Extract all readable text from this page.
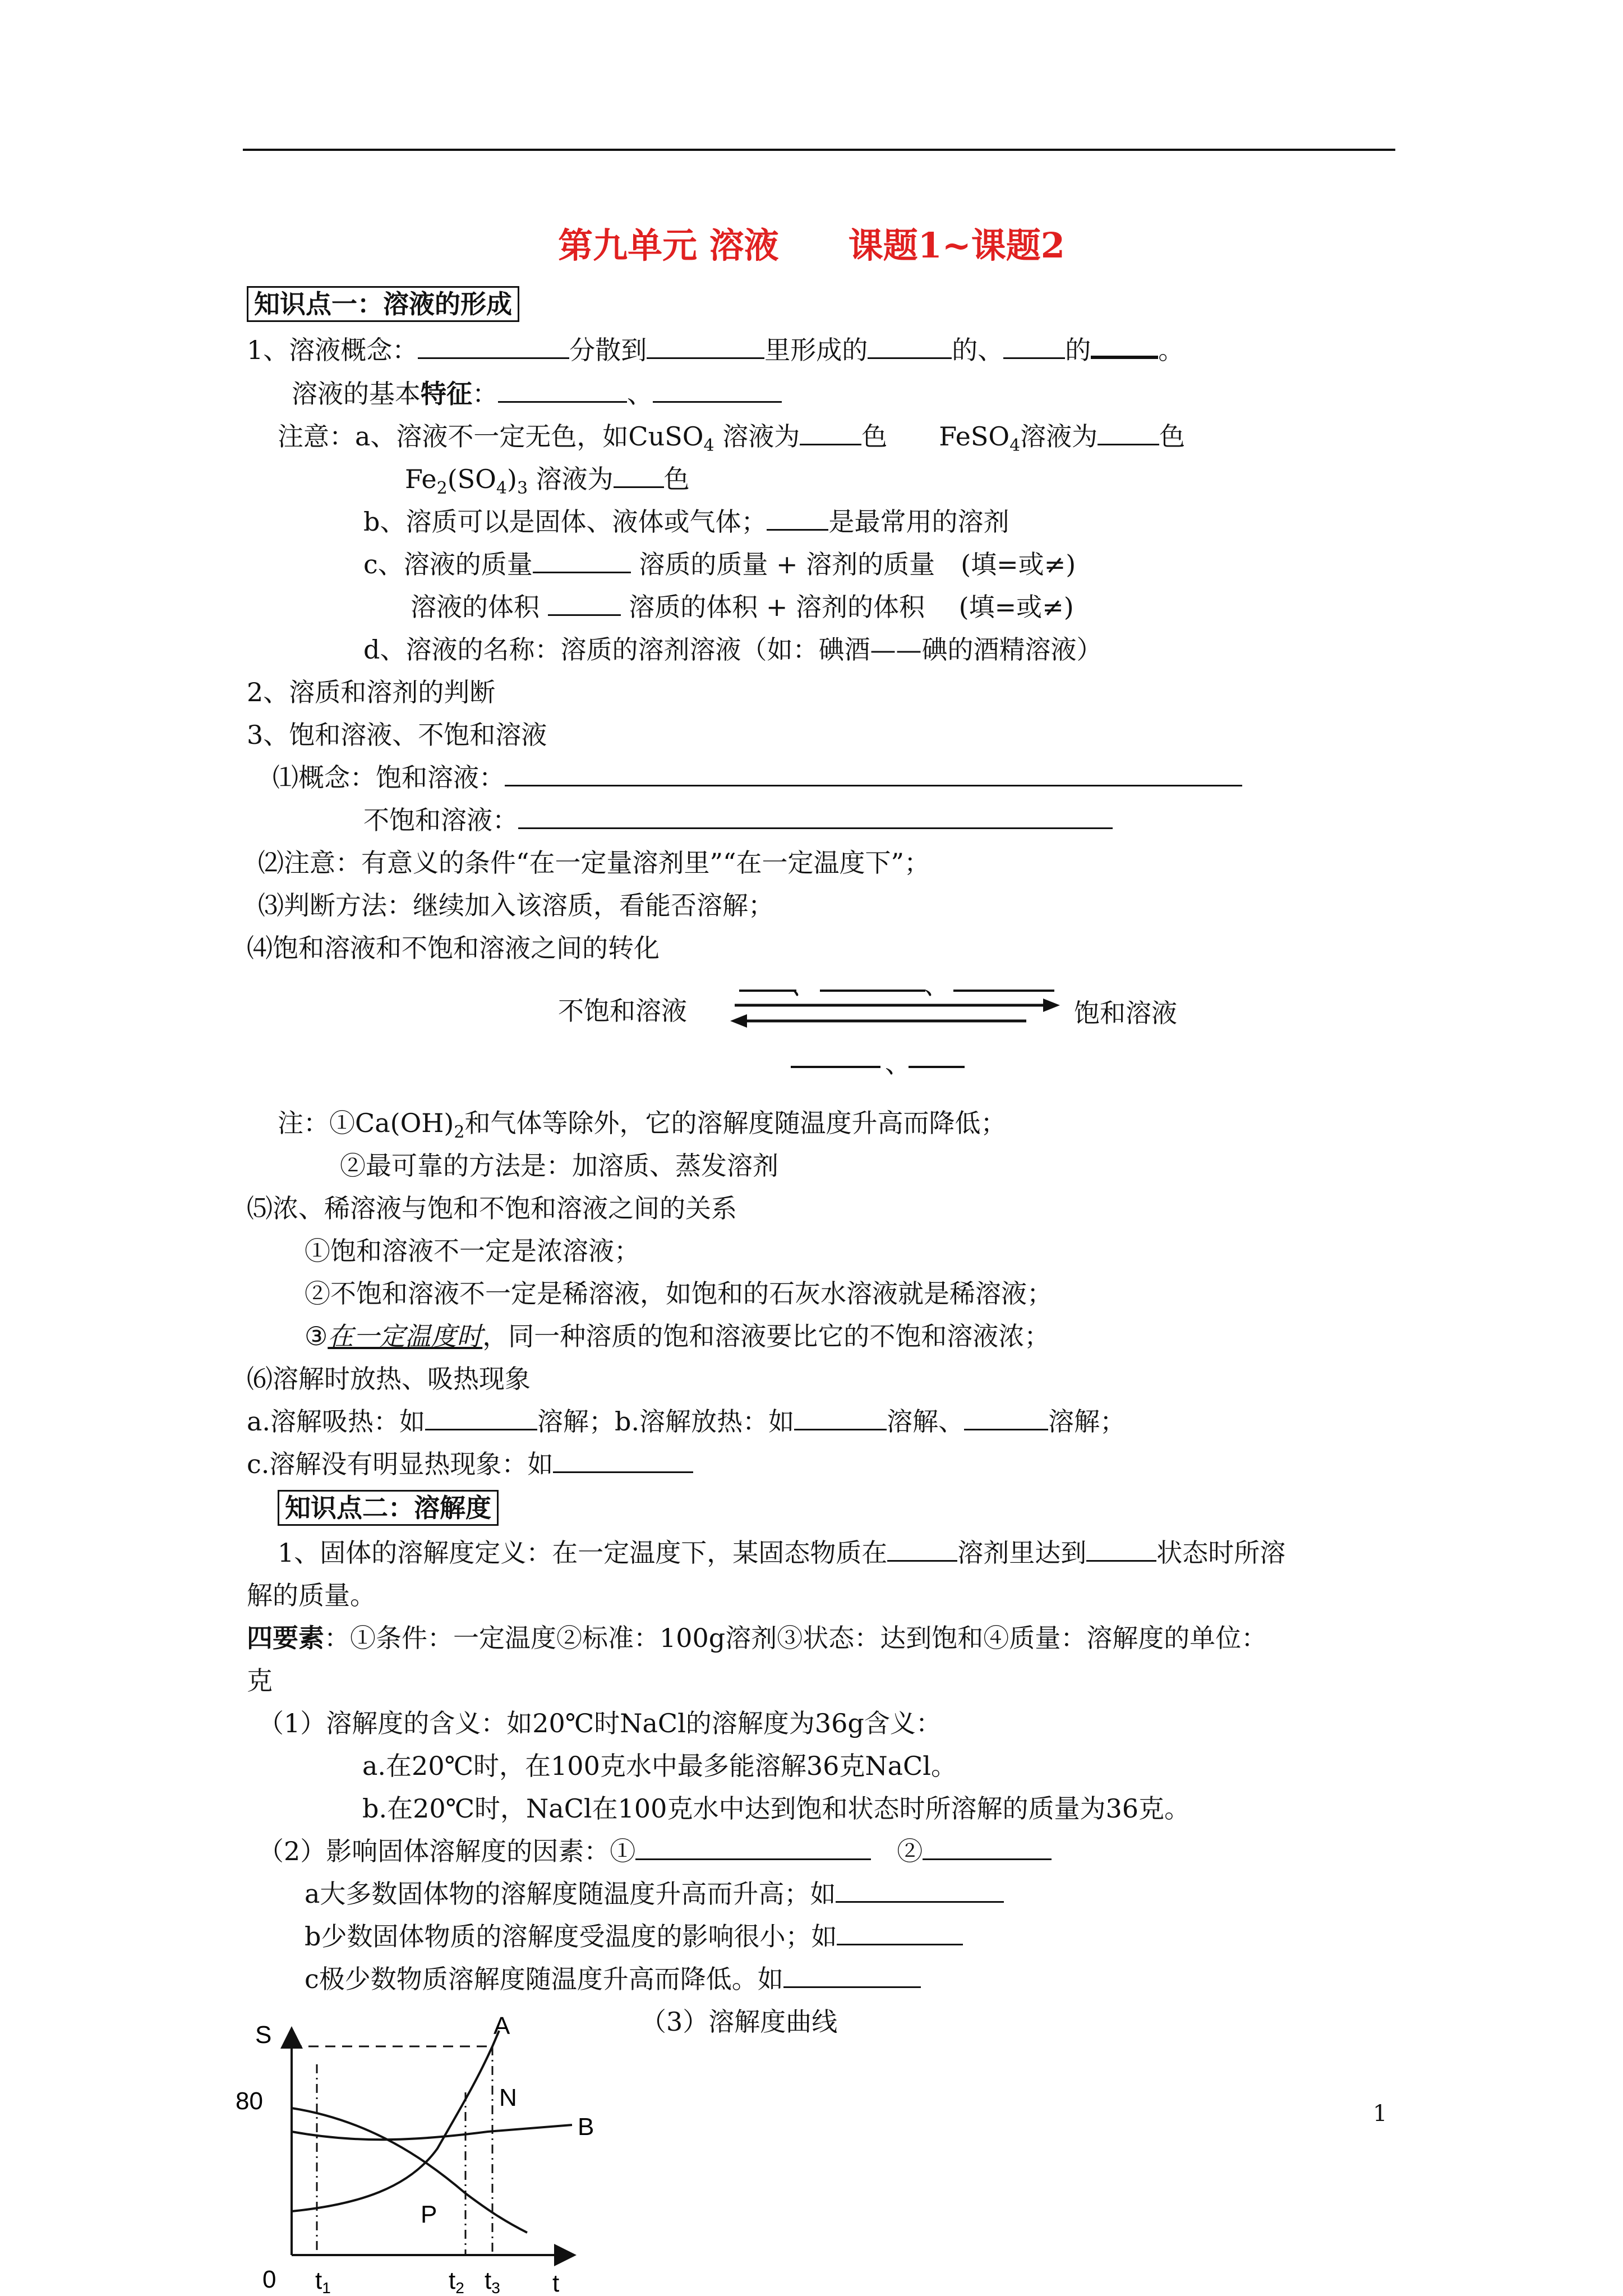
第九单元 溶液　　课题1~课题2
知识点一：溶液的形成
1、溶液概念：	分散到	里形成的	的、 的	。
溶液的基本特征：	、
注意：a、溶液不一定无色，如CuSO$_4$ 溶液为 色　　FeSO$_4$溶液为 色
$Fe_2(SO_4)_3$ 溶液为 色
b、溶质可以是固体、液体或气体； 是最常用的溶剂
c、溶液的质量	溶质的质量 + 溶剂的质量　(填=或≠)
溶液的体积	溶质的体积 + 溶剂的体积　 (填=或≠)
d、溶液的名称：溶质的溶剂溶液（如：碘酒——碘的酒精溶液）
2、溶质和溶剂的判断
3、饱和溶液、不饱和溶液
⑴概念：饱和溶液：
不饱和溶液：
⑵注意：有意义的条件“在一定量溶剂里”“在一定温度下”；
⑶判断方法：继续加入该溶质，看能否溶解；
⑷饱和溶液和不饱和溶液之间的转化
不饱和溶液	饱和溶液
、	、
、
注：$①Ca(OH)_2$和气体等除外，它的溶解度随温度升高而降低；
②最可靠的方法是：加溶质、蒸发溶剂
⑸浓、稀溶液与饱和不饱和溶液之间的关系
①饱和溶液不一定是浓溶液；
②不饱和溶液不一定是稀溶液，如饱和的石灰水溶液就是稀溶液；
③在一定温度时，同一种溶质的饱和溶液要比它的不饱和溶液浓；
⑹溶解时放热、吸热现象
a.溶解吸热：如	溶解；b.溶解放热：如	溶解、	溶解；
c.溶解没有明显热现象：如
知识点二：溶解度
1、固体的溶解度定义：在一定温度下，某固态物质在	溶剂里达到	状态时所溶
解的质量。
四要素：①条件：一定温度②标准：100g溶剂③状态：达到饱和④质量：溶解度的单位：
克
（1）溶解度的含义：如20℃时NaCl的溶解度为36g含义：
a.在20℃时，在100克水中最多能溶解36克NaCl。
b.在20℃时，NaCl在100克水中达到饱和状态时所溶解的质量为36克。
（2）影响固体溶解度的因素：①	　②
a大多数固体物的溶解度随温度升高而升高；如
b少数固体物质的溶解度受温度的影响很小；如
c极少数物质溶解度随温度升高而降低。如
（3）溶解度曲线
S
80
0
A
N
B
P
t1	t2 t3 t
1
